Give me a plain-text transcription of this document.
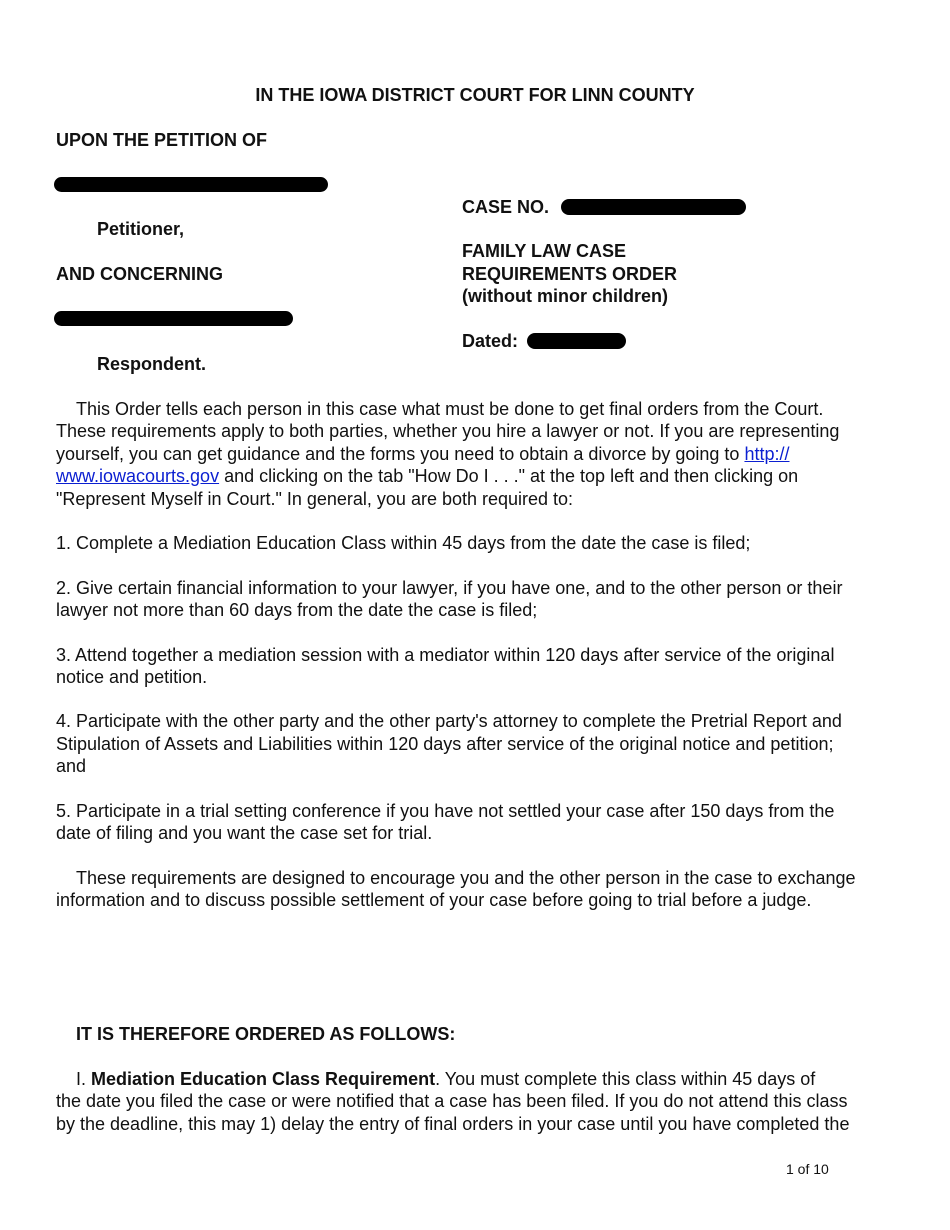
IN THE IOWA DISTRICT COURT FOR LINN COUNTY
UPON THE PETITION OF
Petitioner,
AND CONCERNING
Respondent.
CASE NO.
FAMILY LAW CASE
REQUIREMENTS ORDER
(without minor children)
Dated:
This Order tells each person in this case what must be done to get final orders from the Court.
These requirements apply to both parties, whether you hire a lawyer or not. If you are representing
yourself, you can get guidance and the forms you need to obtain a divorce by going to http://
www.iowacourts.gov and clicking on the tab "How Do I . . ." at the top left and then clicking on
"Represent Myself in Court." In general, you are both required to:
1. Complete a Mediation Education Class within 45 days from the date the case is filed;
2. Give certain financial information to your lawyer, if you have one, and to the other person or their
lawyer not more than 60 days from the date the case is filed;
3. Attend together a mediation session with a mediator within 120 days after service of the original
notice and petition.
4. Participate with the other party and the other party's attorney to complete the Pretrial Report and
Stipulation of Assets and Liabilities within 120 days after service of the original notice and petition;
and
5. Participate in a trial setting conference if you have not settled your case after 150 days from the
date of filing and you want the case set for trial.
These requirements are designed to encourage you and the other person in the case to exchange
information and to discuss possible settlement of your case before going to trial before a judge.
IT IS THEREFORE ORDERED AS FOLLOWS:
I. Mediation Education Class Requirement. You must complete this class within 45 days of
the date you filed the case or were notified that a case has been filed. If you do not attend this class
by the deadline, this may 1) delay the entry of final orders in your case until you have completed the
1 of 10
